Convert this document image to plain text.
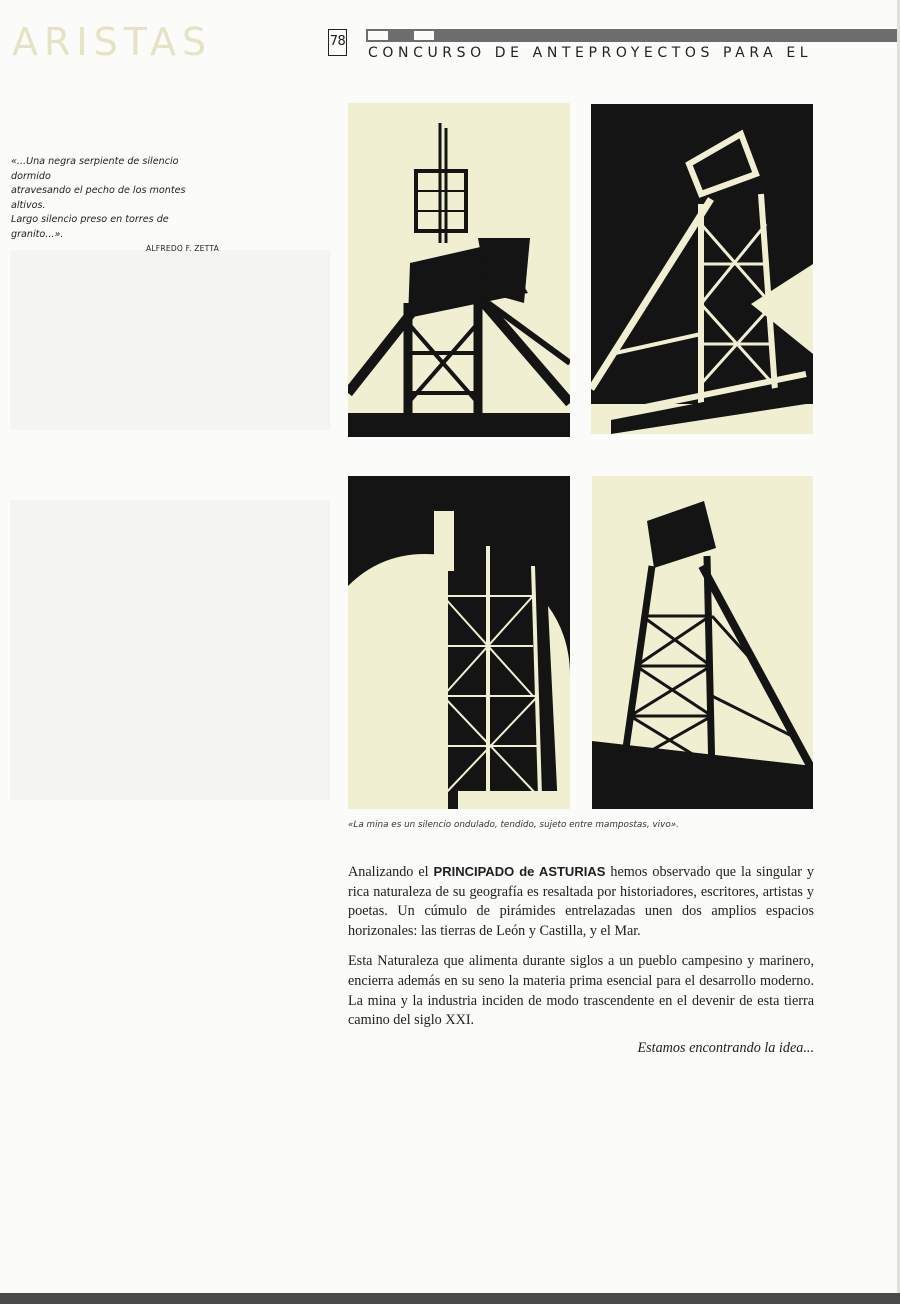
ARISTAS	78
CONCURSO DE ANTEPROYECTOS PARA EL
«...Una negra serpiente de silencio dormido
atravesando el pecho de los montes altivos.
Largo silencio preso en torres de granito...».
ALFREDO F. ZETTA
«La mina es un silencio ondulado, tendido, sujeto entre mampostas, vivo».

Analizando el PRINCIPADO de ASTURIAS hemos observado que la singular y rica naturaleza de su geografía es resaltada por historiadores, escritores, artistas y poetas. Un cúmulo de pirámides entrelazadas unen dos amplios espacios horizonales: las tierras de León y Castilla, y el Mar.

Esta Naturaleza que alimenta durante siglos a un pueblo campesino y marinero, encierra además en su seno la materia prima esencial para el desarrollo moderno. La mina y la industria inciden de modo trascendente en el devenir de esta tierra camino del siglo XXI.

Estamos encontrando la idea...
